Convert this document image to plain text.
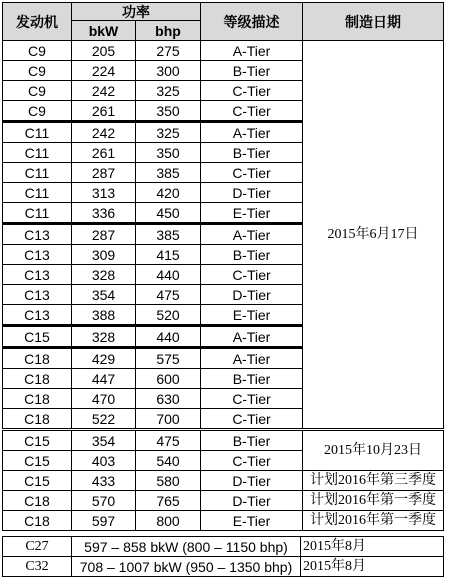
发动机	功率		等级描述	制造日期
	bkW	bhp		
C9	205	275	A-Tier	2015年6月17日
C9	224	300	B-Tier	
C9	242	325	C-Tier	
C9	261	350	C-Tier	
C11	242	325	A-Tier	
C11	261	350	B-Tier	
C11	287	385	C-Tier	
C11	313	420	D-Tier	
C11	336	450	E-Tier	
C13	287	385	A-Tier	
C13	309	415	B-Tier	
C13	328	440	C-Tier	
C13	354	475	D-Tier	
C13	388	520	E-Tier	
C15	328	440	A-Tier	
C18	429	575	A-Tier	
C18	447	600	B-Tier	
C18	470	630	C-Tier	
C18	522	700	C-Tier	
C15	354	475	B-Tier	2015年10月23日
C15	403	540	C-Tier	
C15	433	580	D-Tier	计划2016年第三季度
C18	570	765	D-Tier	计划2016年第一季度
C18	597	800	E-Tier	计划2016年第一季度
C27	597 – 858 bkW (800 – 1150 bhp)	2015年8月
C32	708 – 1007 bkW (950 – 1350 bhp)	2015年8月
